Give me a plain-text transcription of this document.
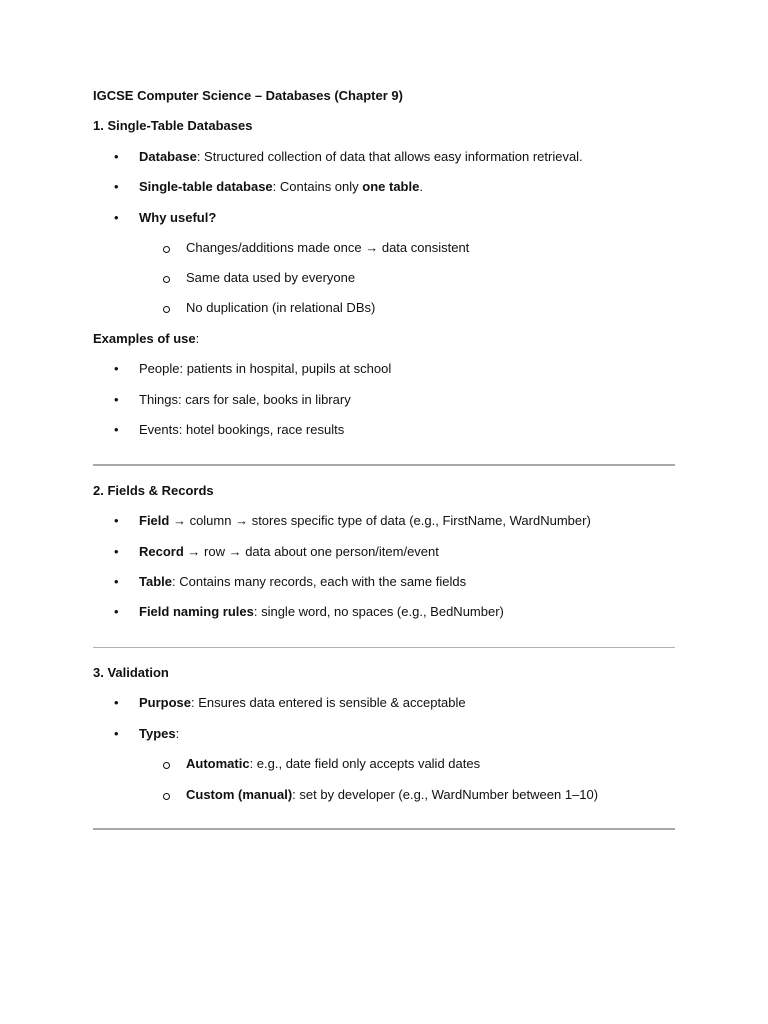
IGCSE Computer Science – Databases (Chapter 9)
1. Single-Table Databases
• Database: Structured collection of data that allows easy information retrieval.
• Single-table database: Contains only one table.
• Why useful?
Changes/additions made once → data consistent
Same data used by everyone
No duplication (in relational DBs)
Examples of use:
• People: patients in hospital, pupils at school
• Things: cars for sale, books in library
• Events: hotel bookings, race results
2. Fields & Records
• Field → column → stores specific type of data (e.g., FirstName, WardNumber)
• Record → row → data about one person/item/event
• Table: Contains many records, each with the same fields
• Field naming rules: single word, no spaces (e.g., BedNumber)
3. Validation
• Purpose: Ensures data entered is sensible & acceptable
• Types:
Automatic: e.g., date field only accepts valid dates
Custom (manual): set by developer (e.g., WardNumber between 1–10)
